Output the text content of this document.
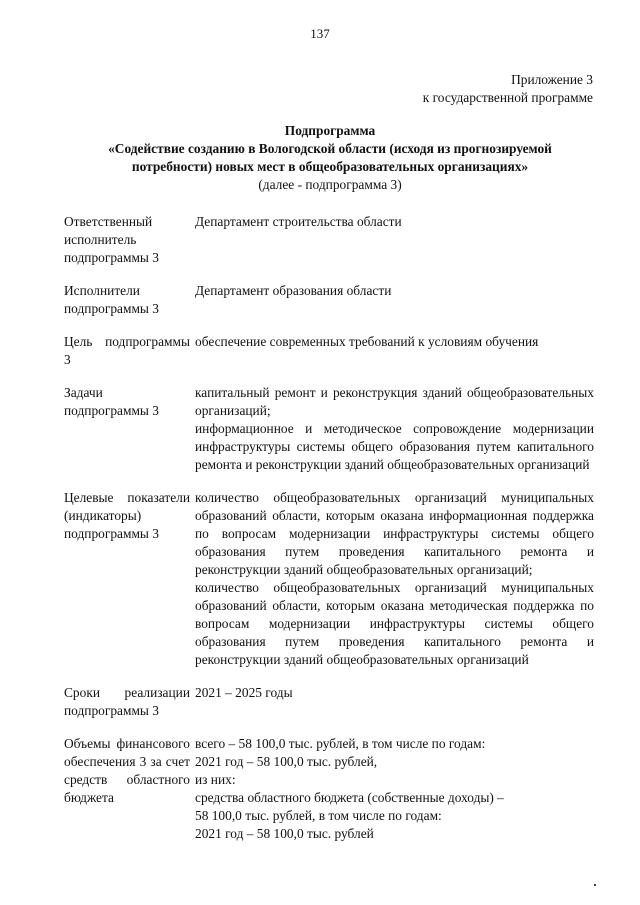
137
Приложение 3
к государственной программе
Подпрограмма
«Содействие созданию в Вологодской области (исходя из прогнозируемой
потребности) новых мест в общеобразовательных организациях»
(далее - подпрограмма 3)
Ответственный исполнитель подпрограммы 3
Департамент строительства области
Исполнители подпрограммы 3
Департамент образования области
Цель подпрограммы 3
обеспечение современных требований к условиям обучения
Задачи подпрограммы 3
капитальный ремонт и реконструкция зданий общеобразовательных организаций;
информационное и методическое сопровождение модернизации инфраструктуры системы общего образования путем капитального ремонта и реконструкции зданий общеобразовательных организаций
Целевые показатели (индикаторы) подпрограммы 3
количество общеобразовательных организаций муниципальных образований области, которым оказана информационная поддержка по вопросам модернизации инфраструктуры системы общего образования путем проведения капитального ремонта и реконструкции зданий общеобразовательных организаций;
количество общеобразовательных организаций муниципальных образований области, которым оказана методическая поддержка по вопросам модернизации инфраструктуры системы общего образования путем проведения капитального ремонта и реконструкции зданий общеобразовательных организаций
Сроки реализации подпрограммы 3
2021 – 2025 годы
Объемы финансового обеспечения 3 за счет средств областного бюджета
всего – 58 100,0 тыс. рублей, в том числе по годам:
2021 год – 58 100,0 тыс. рублей,
из них:
средства областного бюджета (собственные доходы) –
58 100,0 тыс. рублей, в том числе по годам:
2021 год – 58 100,0 тыс. рублей
